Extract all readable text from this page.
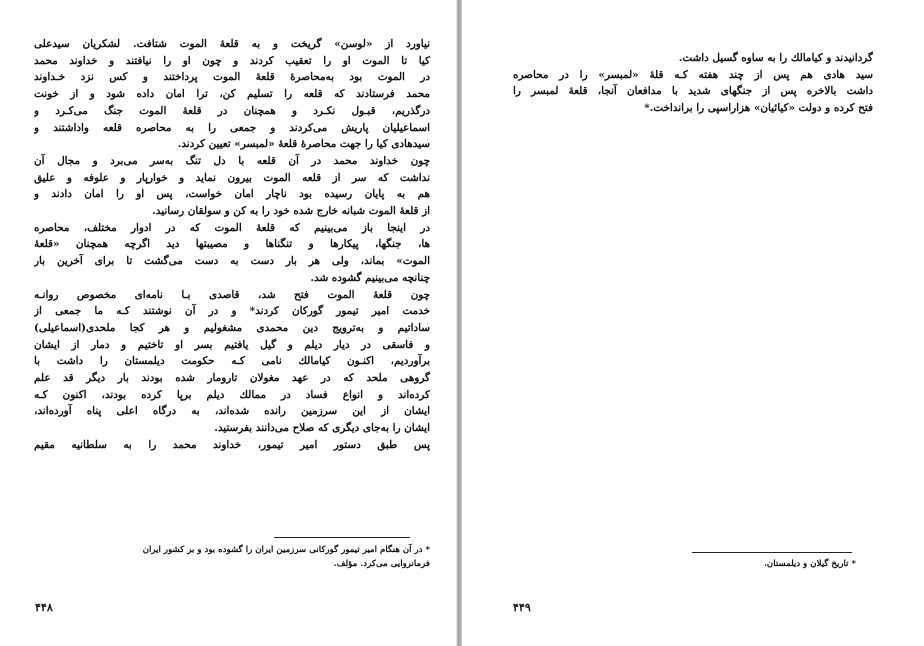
نیاورد از «لوسن» گریخت و به قلعۀ الموت شتافت. لشکریان سیدعلی
کیا تا الموت او را تعقیب کردند و چون او را نیافتند و خداوند محمد
در الموت بود به‌محاصرۀ قلعۀ الموت پرداختند و کس نزد خـداوند
محمد فرستادند که قلعه را تسلیم کن، ترا امان داده شود و از خونت
درگذریم، قبـول نکـرد و همچنان در قلعۀ الموت جنگ می‌کـرد و
اسماعیلیان پاریش می‌کردند و جمعی را به محاصره قلعه واداشتند و
سیدهادی کیا را جهت محاصرۀ قلعۀ «لمبسر» تعیین کردند.
چون خداوند محمد در آن قلعه با دل تنگ به‌سر می‌برد و مجال آن
نداشت که سر از قلعه الموت بیرون نماید و خوارپار و علوفه و علیق
هم به پایان رسیده بود ناچار امان خواست، پس او را امان دادند و
از قلعۀ الموت شبانه خارج شده خود را به کن و سولقان رسانید.
در اینجا باز می‌بینیم که قلعۀ الموت که در ادوار مختلف، محاصره‌
ها، جنگها، پیکارها و تنگناها و مصیبتها دید اگرچه همچنان «قلعۀ
الموت» بماند، ولی هر بار دست به دست می‌گشت تا برای آخرین بار
چنانچه می‌بینیم گشوده شد.
چون قلعۀ الموت فتح شد، قاصدی بـا نامه‌ای مخصوص روانـه
خدمت امیر تیمور گورکان کردند* و در آن نوشتند کـه ما جمعی از
ساداتیم و به‌ترویج دین محمدی مشغولیم و هر کجا ملحدی(اسماعیلی)
و فاسقی در دیار دیلم و گیل یافتیم بسر او تاختیم و دمار از ایشان
برآوردیم، اکنـون کیامالك نامی کـه حکومت دیلمستان را داشت با
گروهی ملحد که در عهد مغولان تارومار شده بودند بار دیگر قد علم
کرده‌اند و انواع فساد در ممالك دیلم برپا کرده بودند، اکنون کـه
ایشان از این سرزمین رانده شده‌اند، به درگاه اعلی پناه آورده‌اند،
ایشان را به‌جای دیگری که صلاح می‌دانند بفرستید.
پس طبق دستور امیر تیمور، خداوند محمد را به سلطانیه مقیم
* در آن هنگام امیر تیمور گورکانی سرزمین ایران را گشوده بود و بر کشور ایران
فرمانروایی می‌کرد. مؤلف.
۴۴۸
گردانیدند و کیامالك را به ساوه گسیل داشت.
سید هادی هم پس از چند هفته کـه قلۀ «لمبسر» را در محاصره
داشت بالاخره پس از جنگهای شدید با مدافعان آنجا، قلعۀ لمبسر را
فتح کرده و دولت «کیائیان» هزاراسپی را برانداخت.*
* تاریخ گیلان و دیلمستان.
۴۴۹
